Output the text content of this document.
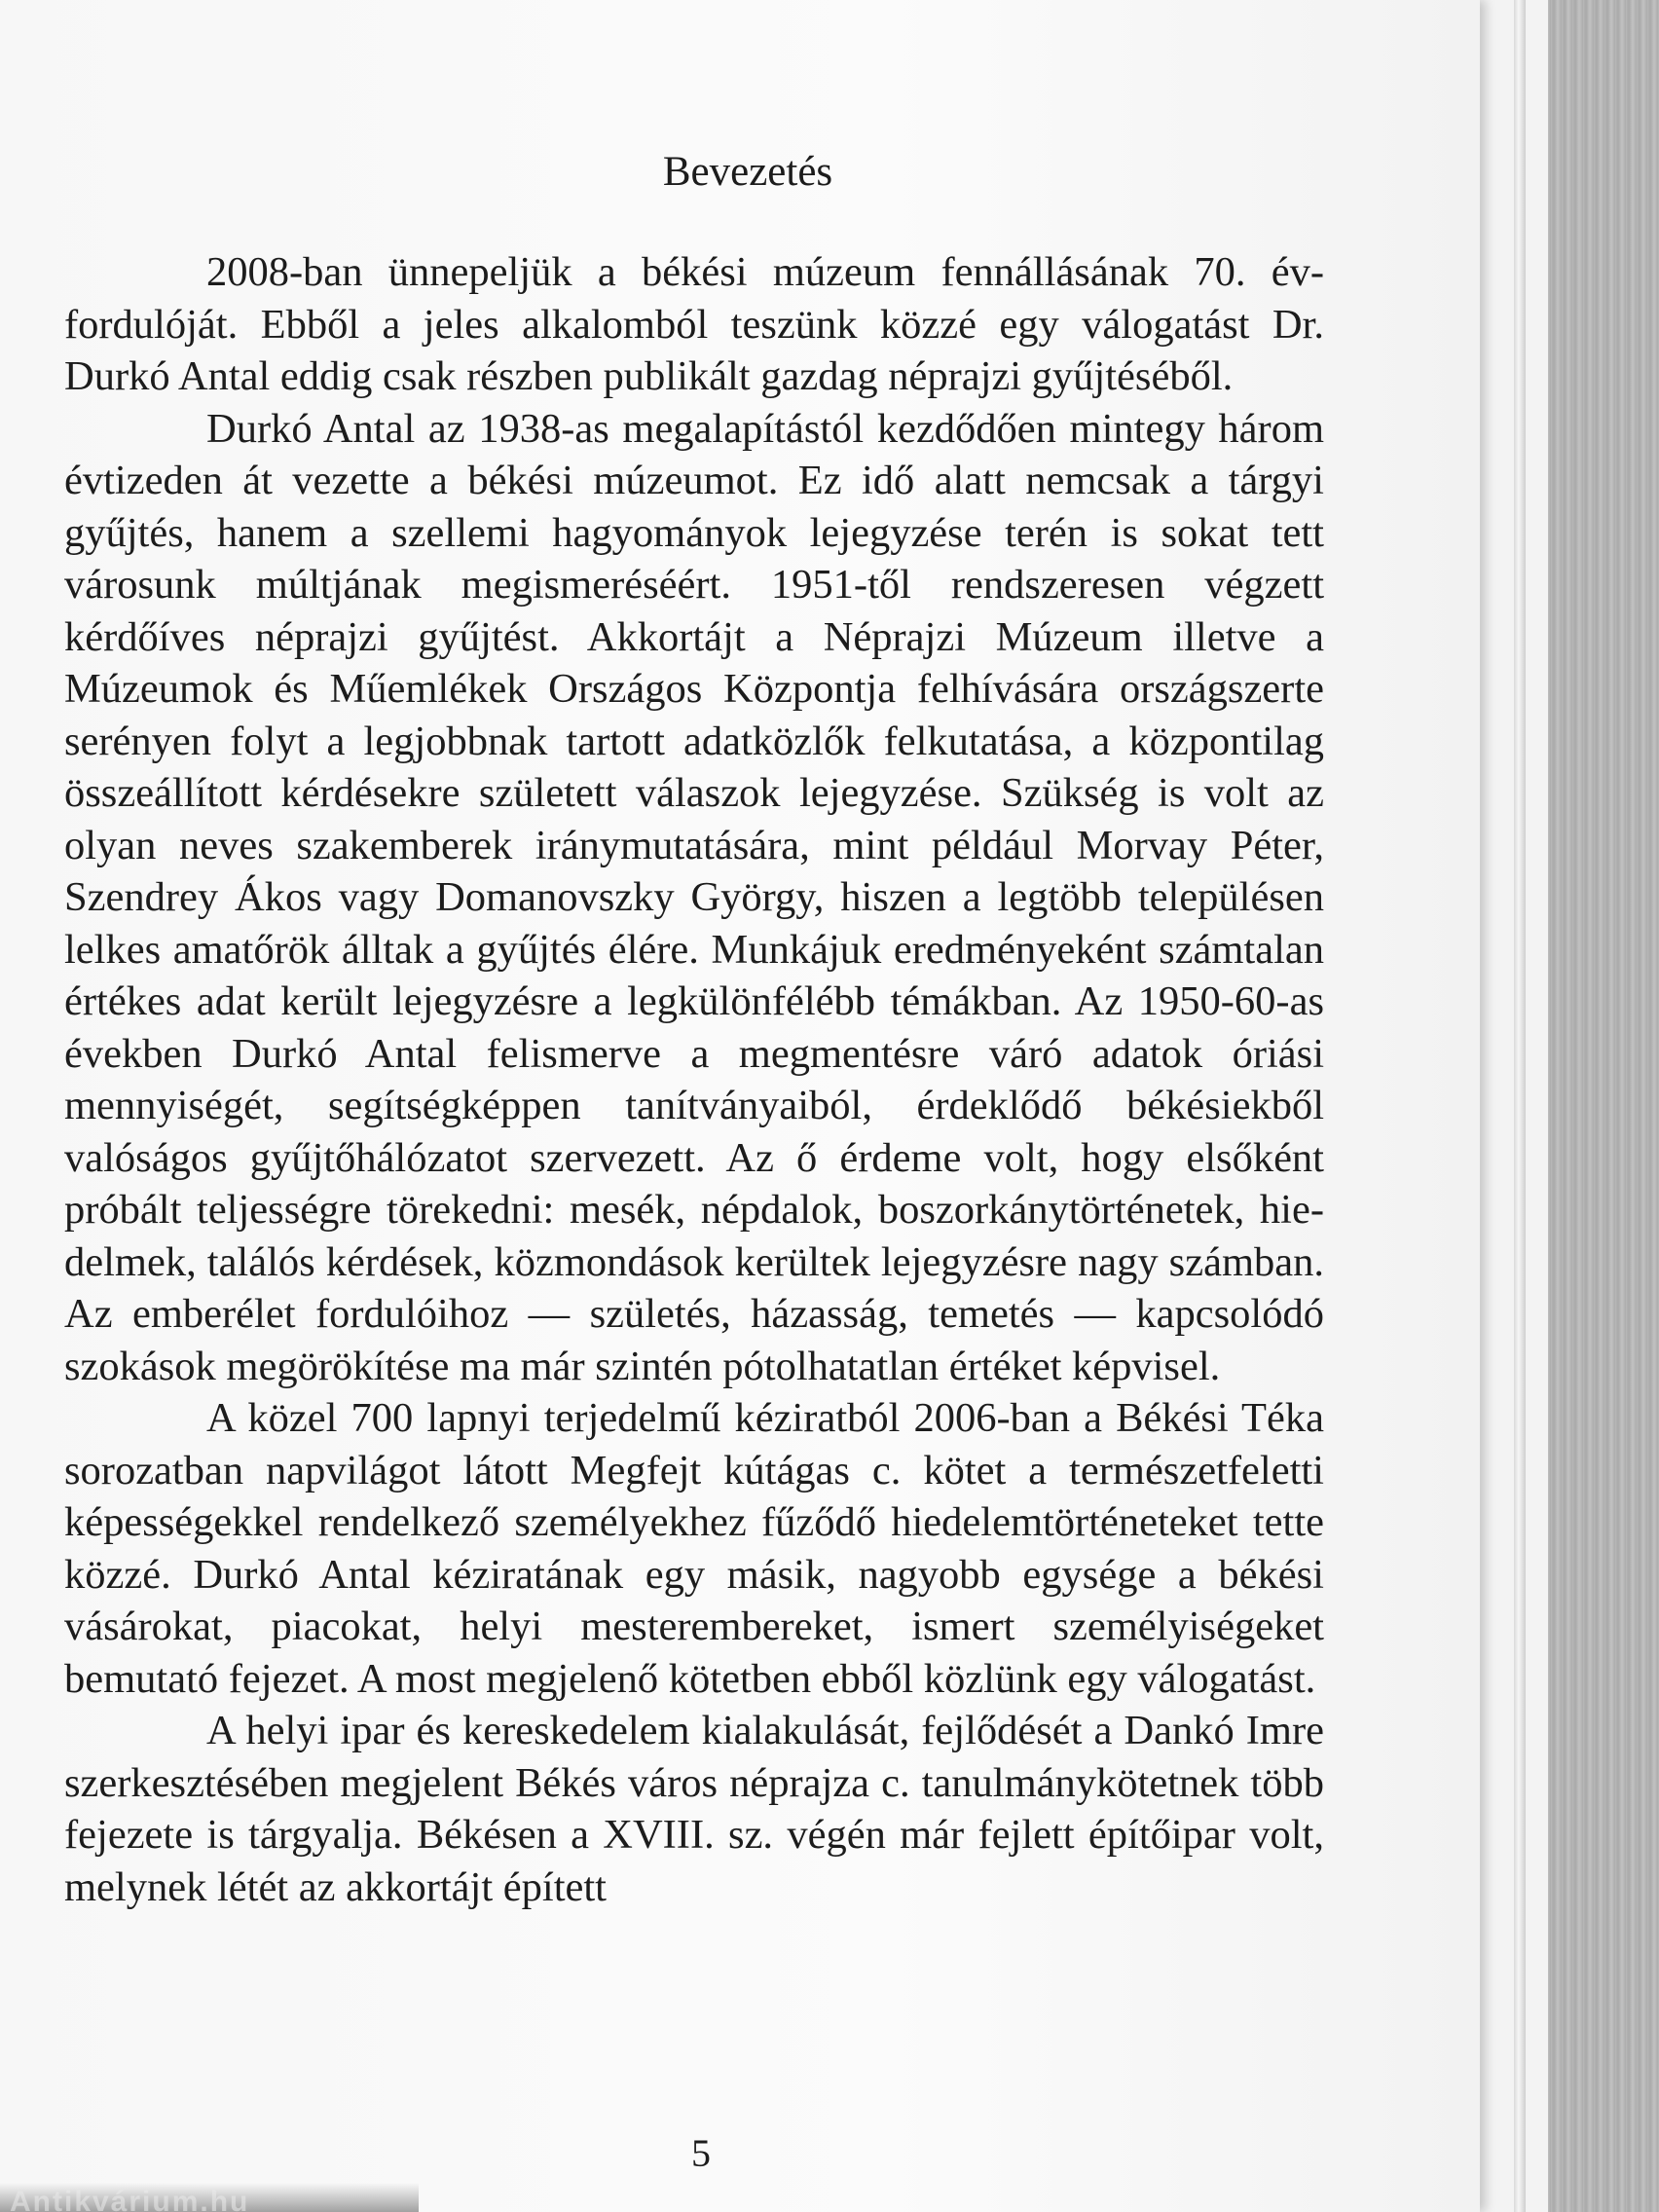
Bevezetés

2008-ban ünnepeljük a békési múzeum fennállásának 70. évfordulóját. Ebből a jeles alkalomból teszünk közzé egy válogatást Dr. Durkó Antal eddig csak részben publikált gazdag néprajzi gyűjtéséből.

Durkó Antal az 1938-as megalapítástól kezdődően mintegy három évtizeden át vezette a békési múzeumot. Ez idő alatt nemcsak a tárgyi gyűjtés, hanem a szellemi hagyományok lejegyzése terén is sokat tett városunk múltjának megismeréséért. 1951-től rendszeresen végzett kérdőíves néprajzi gyűjtést. Akkortájt a Néprajzi Múzeum illetve a Múzeumok és Műemlékek Országos Központja felhívására országszerte serényen folyt a legjobbnak tartott adatközlők felkutatása, a központilag összeállított kérdésekre született válaszok lejegyzése. Szükség is volt az olyan neves szakemberek iránymutatására, mint például Morvay Péter, Szendrey Ákos vagy Domanovszky György, hiszen a legtöbb településen lelkes amatőrök álltak a gyűjtés élére. Munkájuk eredményeként számtalan értékes adat került lejegyzésre a legkülönfélébb témákban. Az 1950-60-as években Durkó Antal felismerve a megmentésre váró adatok óriási mennyiségét, segítségképpen tanítványaiból, érdeklődő békésiekből valóságos gyűjtőhálózatot szervezett. Az ő érdeme volt, hogy elsőként próbált teljességre törekedni: mesék, népdalok, boszorkánytörténetek, hiedelmek, találós kérdések, közmondások kerültek lejegyzésre nagy számban. Az emberélet fordulóihoz — születés, házasság, temetés — kapcsolódó szokások megörökítése ma már szintén pótolhatatlan értéket képvisel.

A közel 700 lapnyi terjedelmű kéziratból 2006-ban a Békési Téka sorozatban napvilágot látott Megfejt kútágas c. kötet a természetfeletti képességekkel rendelkező személyekhez fűződő hiedelemtörténeteket tette közzé. Durkó Antal kéziratának egy másik, nagyobb egysége a békési vásárokat, piacokat, helyi mesterembereket, ismert személyiségeket bemutató fejezet. A most megjelenő kötetben ebből közlünk egy válogatást.

A helyi ipar és kereskedelem kialakulását, fejlődését a Dankó Imre szerkesztésében megjelent Békés város néprajza c. tanulmánykötetnek több fejezete is tárgyalja. Békésen a XVIII. sz. végén már fejlett építőipar volt, melynek létét az akkortájt épített

5
Antikvárium.hu
